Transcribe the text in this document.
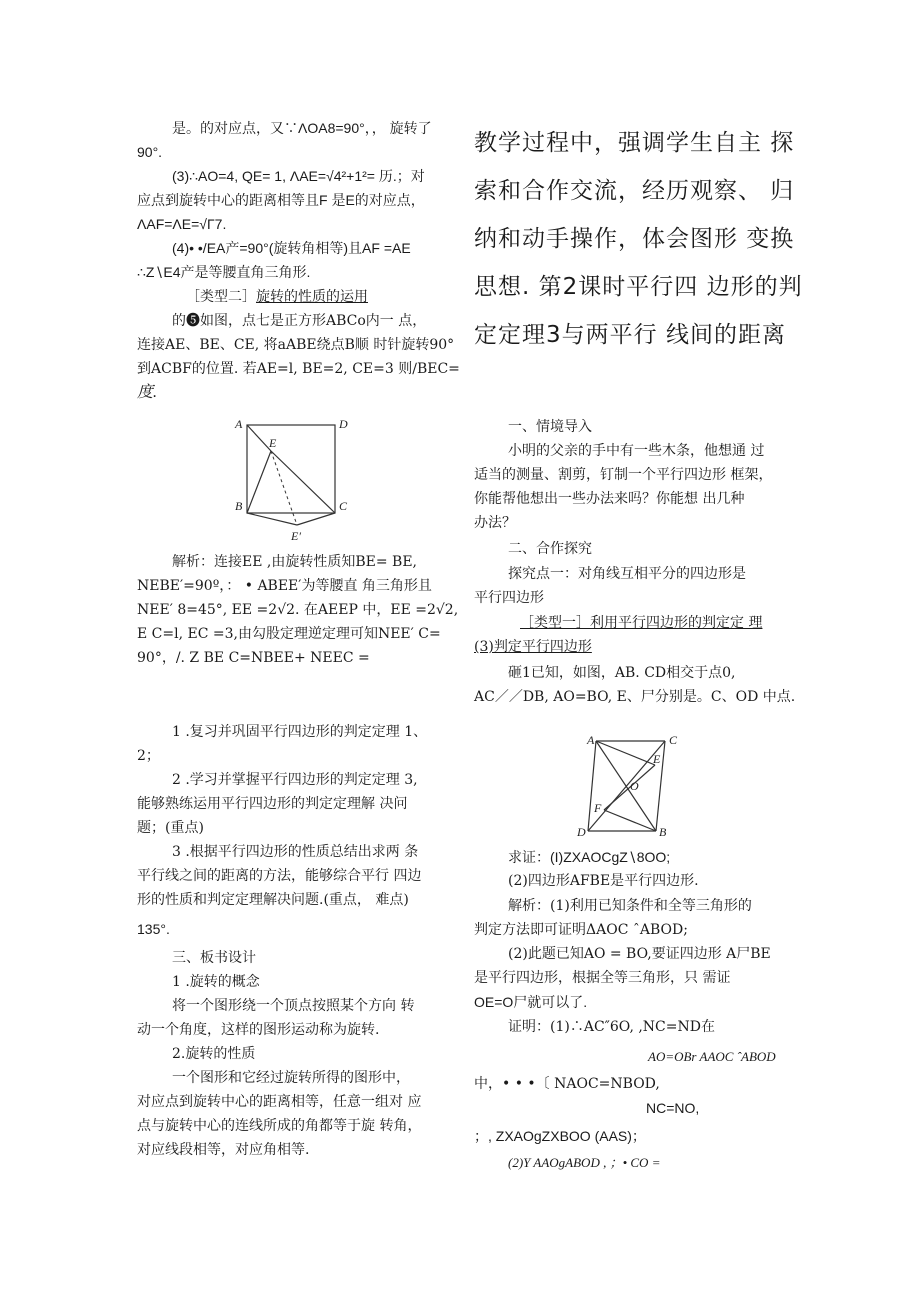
是。的对应点，又∵ΛOA8=90°，， 旋转了
90°.
(3)∴AO=4, QE= 1, ΛAE=√4²+1²= 历.；对
应点到旋转中心的距离相等且F 是E的对应点，
ΛAF=ΛE=√Γ7.
(4)• •/EA产=90°(旋转角相等)且AF =AE
∴Z∖E4产是等腰直角三角形.
［类型二］旋转的性质的运用
的❺如图，点七是正方形ABCo内一 点，
连接AE、BE、CE, 将aABE绕点B顺 时针旋转90°
到ACBF的位置. 若AE=l, BE=2, CE=3 则∕BEC=
度.
A	D
E
B	C
E′
解析：连接EE ,由旋转性质知BE= BE,
NEBE′=90º，： • ABEE′为等腰直 角三角形且
NEE′ 8=45°, EE =2√2. 在AEEP 中，EE =2√2,
E C=l, EC =3,由勾股定理逆定理可知NEE′ C=
90°，/. Z BE C=NBEE+ NEEC =
1 .复习并巩固平行四边形的判定定理 1、
2；
2 .学习并掌握平行四边形的判定定理 3,
能够熟练运用平行四边形的判定定理解 决问
题；(重点)
3 .根据平行四边形的性质总结出求两 条
平行线之间的距离的方法，能够综合平行 四边
形的性质和判定定理解决问题.(重点， 难点)
135°.
三、板书设计
1 .旋转的概念
将一个图形绕一个顶点按照某个方向 转
动一个角度，这样的图形运动称为旋转.
2.旋转的性质
一个图形和它经过旋转所得的图形中，
对应点到旋转中心的距离相等，任意一组对 应
点与旋转中心的连线所成的角都等于旋 转角，
对应线段相等，对应角相等.
教学过程中，强调学生自主 探
索和合作交流，经历观察、 归
纳和动手操作，体会图形 变换
思想. 第2课时平行四 边形的判
定定理3与两平行 线间的距离
一、情境导入
小明的父亲的手中有一些木条，他想通 过
适当的测量、割剪，钉制一个平行四边形 框架，
你能帮他想出一些办法来吗？你能想 出几种
办法？
二、合作探究
探究点一：对角线互相平分的四边形是
平行四边形
［类型一］利用平行四边形的判定定 理
(3)判定平行四边形
砸1已知，如图，AB. CD相交于点0,
AC／／DB, AO=BO, E、尸分别是。C、OD 中点.
A	C
E
O
F
D	B
求证：(I)ZXAOCgZ∖8OO;
(2)四边形AFBE是平行四边形.
解析：(1)利用已知条件和全等三角形的
判定方法即可证明ΔAOC ˆABOD;
(2)此题已知AO = BO,要证四边形 A尸BE
是平行四边形，根据全等三角形，只 需证
OE=O尸就可以了.
证明：(1)∴AC″6O, ,NC=ND在
AO=OBr AAOC ˆABOD
中，• • •〔 NAOC=NBOD,
NC=NO,
；, ZXAOgZXBOO (AAS)；
(2)Y AAOgABOD , ；• CO =
